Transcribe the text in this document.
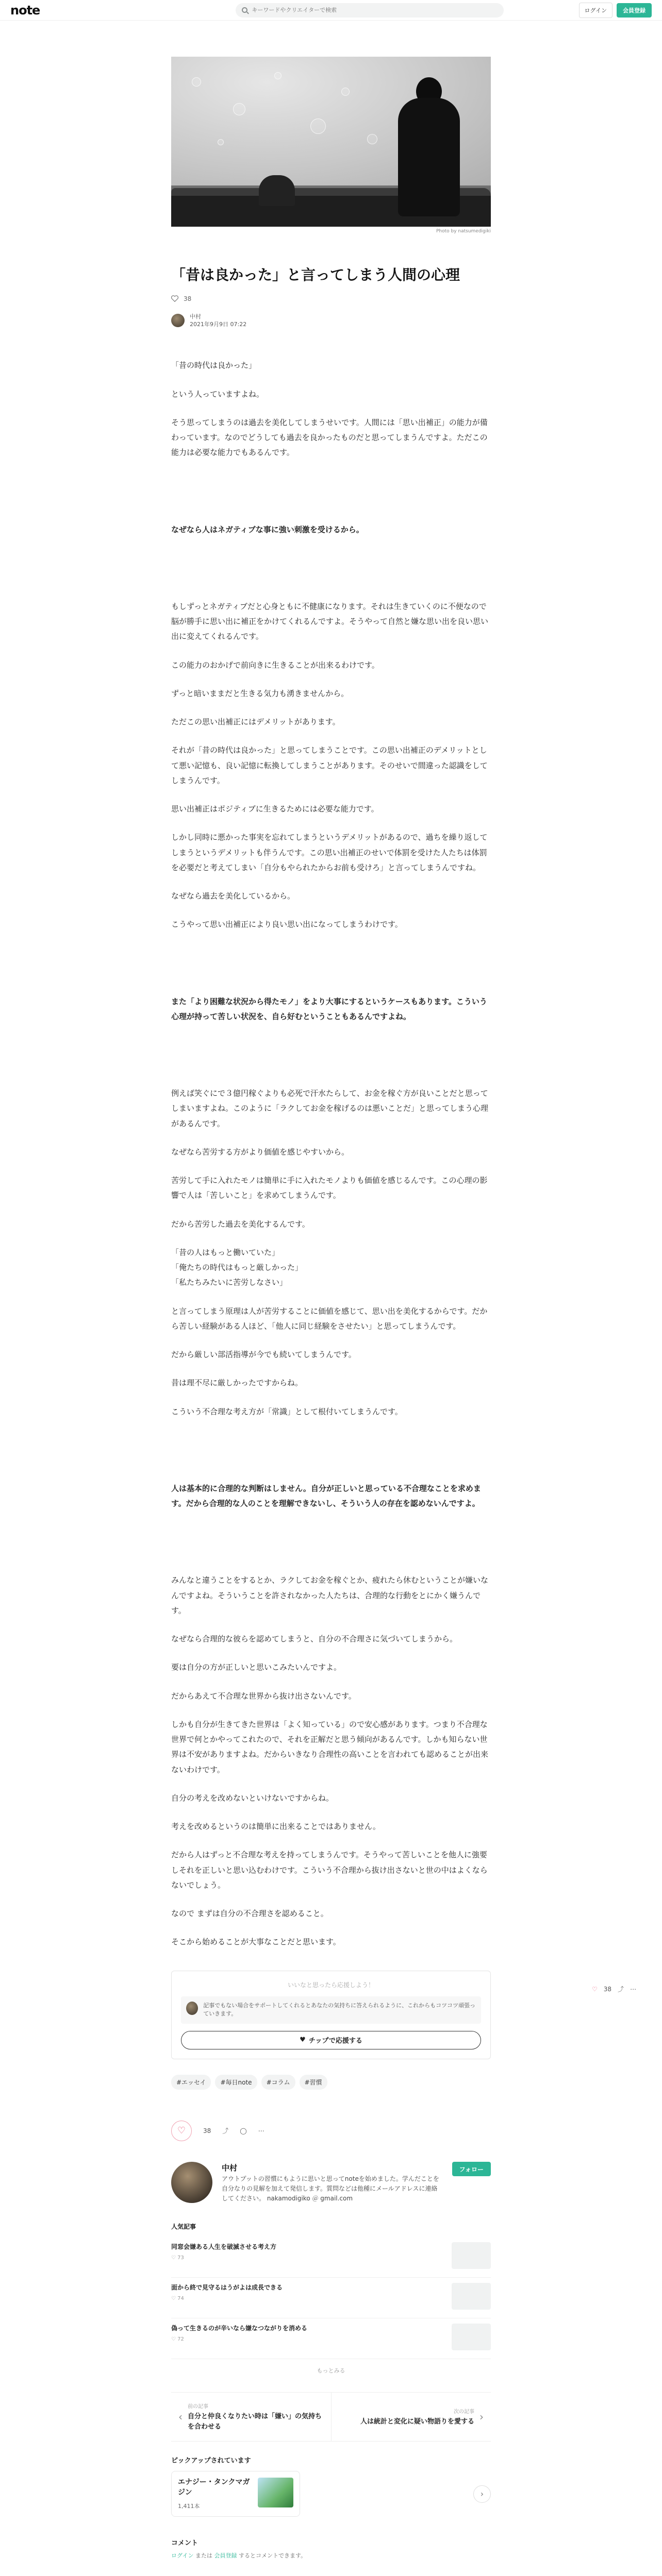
note
キーワードやクリエイターで検索	ログイン	会員登録
Photo by natsumedigiki
「昔は良かった」と言ってしまう人間の心理
38
中村
2021年9月9日 07:22

「昔の時代は良かった」

という人っていますよね。

そう思ってしまうのは過去を美化してしまうせいです。人間には「思い出補正」の能力が備わっています。なのでどうしても過去を良かったものだと思ってしまうんですよ。ただこの能力は必要な能力でもあるんです。

なぜなら人はネガティブな事に強い刺激を受けるから。

もしずっとネガティブだと心身ともに不健康になります。それは生きていくのに不便なので脳が勝手に思い出に補正をかけてくれるんですよ。そうやって自然と嫌な思い出を良い思い出に変えてくれるんです。

この能力のおかげで前向きに生きることが出来るわけです。

ずっと暗いままだと生きる気力も湧きませんから。

ただこの思い出補正にはデメリットがあります。

それが「昔の時代は良かった」と思ってしまうことです。この思い出補正のデメリットとして悪い記憶も、良い記憶に転換してしまうことがあります。そのせいで間違った認識をしてしまうんです。

思い出補正はポジティブに生きるためには必要な能力です。

しかし同時に悪かった事実を忘れてしまうというデメリットがあるので、過ちを繰り返してしまうというデメリットも伴うんです。この思い出補正のせいで体罰を受けた人たちは体罰を必要だと考えてしまい「自分もやられたからお前も受けろ」と言ってしまうんですね。

なぜなら過去を美化しているから。

こうやって思い出補正により良い思い出になってしまうわけです。

また「より困難な状況から得たモノ」をより大事にするというケースもあります。こういう心理が持って苦しい状況を、自ら好むということもあるんですよね。

例えば笑ぐにで３億円稼ぐよりも必死で汗水たらして、お金を稼ぐ方が良いことだと思ってしまいますよね。このように「ラクしてお金を稼げるのは悪いことだ」と思ってしまう心理があるんです。

なぜなら苦労する方がより価値を感じやすいから。

苦労して手に入れたモノは簡単に手に入れたモノよりも価値を感じるんです。この心理の影響で人は「苦しいこと」を求めてしまうんです。

だから苦労した過去を美化するんです。

「昔の人はもっと働いていた」
「俺たちの時代はもっと厳しかった」
「私たちみたいに苦労しなさい」

と言ってしまう原理は人が苦労することに価値を感じて、思い出を美化するからです。だから苦しい経験がある人ほど、「他人に同じ経験をさせたい」と思ってしまうんです。

だから厳しい部活指導が今でも続いてしまうんです。

昔は理不尽に厳しかったですからね。

こういう不合理な考え方が「常識」として根付いてしまうんです。

人は基本的に合理的な判断はしません。自分が正しいと思っている不合理なことを求めます。だから合理的な人のことを理解できないし、そういう人の存在を認めないんですよ。

みんなと違うことをするとか、ラクしてお金を稼ぐとか、疲れたら休むということが嫌いなんですよね。そういうことを許されなかった人たちは、合理的な行動をとにかく嫌うんです。

なぜなら合理的な彼らを認めてしまうと、自分の不合理さに気づいてしまうから。

要は自分の方が正しいと思いこみたいんですよ。

だからあえて不合理な世界から抜け出さないんです。

しかも自分が生きてきた世界は「よく知っている」ので安心感があります。つまり不合理な世界で何とかやってこれたので、それを正解だと思う傾向があるんです。しかも知らない世界は不安がありますよね。だからいきなり合理性の高いことを言われても認めることが出来ないわけです。

自分の考えを改めないといけないですからね。

考えを改めるというのは簡単に出来ることではありません。

だから人はずっと不合理な考えを持ってしまうんです。そうやって苦しいことを他人に強要しそれを正しいと思い込むわけです。こういう不合理から抜け出さないと世の中はよくならないでしょう。

なので まずは自分の不合理さを認めること。

そこから始めることが大事なことだと思います。

いいなと思ったら応援しよう！
記事でもない場合をサポートしてくれるとあなたの気持ちに答えられるように、これからもコツコツ頑張っていきます。
♥ チップで応援する
#エッセイ	#毎日note	#コラム	#習慣
♡	38 ⤴ ◯ ⋯
中村
アウトプットの習慣にもように思いと思ってnoteを始めました。学んだことを自分なりの見解を加えて発信します。質問などは他種にメールアドレスに連絡してください。 nakamodigiko ＠ gmail.com
フォロー
人気記事
同窓会嫌ある人生を破滅させる考え方
♡ 73
面から終で見守るはうがよは成長できる
♡ 74
偽って生きるのが辛いなら嫌なつながりを消める
♡ 72
もっとみる
‹
前の記事
自分と仲良くなりたい時は「嫌い」の気持ちを合わせる
次の記事
人は統計と変化に疑い物語りを愛する ›
ピックアップされています
エナジー・タンクマガジン
1,411本
›
コメント
ログイン または 会員登録 するとコメントできます。
♡ 38 ⤴ ⋯
